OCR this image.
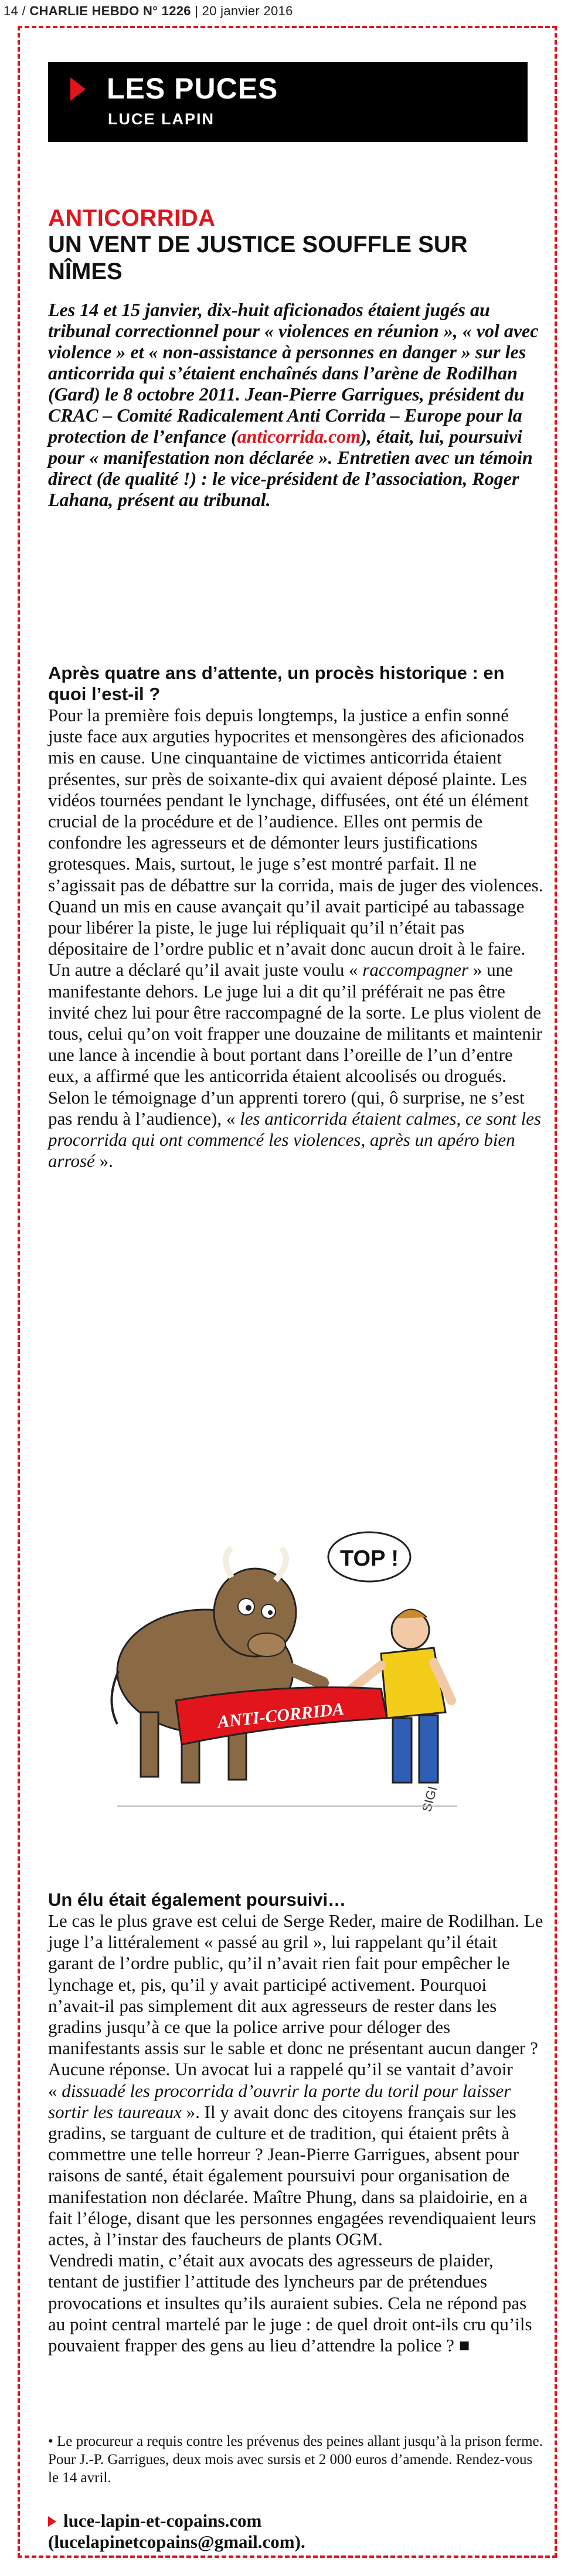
14 / CHARLIE HEBDO N° 1226 | 20 janvier 2016
LES PUCES
LUCE LAPIN
ANTICORRIDA
UN VENT DE JUSTICE SOUFFLE SUR NÎMES
Les 14 et 15 janvier, dix-huit aficionados étaient jugés au tribunal correctionnel pour « violences en réunion », « vol avec violence » et « non-assistance à personnes en danger » sur les anticorrida qui s’étaient enchaînés dans l’arène de Rodilhan (Gard) le 8 octobre 2011. Jean-Pierre Garrigues, président du CRAC – Comité Radicalement Anti Corrida – Europe pour la protection de l’enfance (anticorrida.com), était, lui, poursuivi pour « manifestation non déclarée ». Entretien avec un témoin direct (de qualité !) : le vice-président de l’association, Roger Lahana, présent au tribunal.

Après quatre ans d’attente, un procès historique : en quoi l’est-il ?

Pour la première fois depuis longtemps, la justice a enfin sonné juste face aux arguties hypocrites et mensongères des aficionados mis en cause. Une cinquantaine de victimes anticorrida étaient présentes, sur près de soixante-dix qui avaient déposé plainte. Les vidéos tournées pendant le lynchage, diffusées, ont été un élément crucial de la procédure et de l’audience. Elles ont permis de confondre les agresseurs et de démonter leurs justifications grotesques. Mais, surtout, le juge s’est montré parfait. Il ne s’agissait pas de débattre sur la corrida, mais de juger des violences. Quand un mis en cause avançait qu’il avait participé au tabassage pour libérer la piste, le juge lui répliquait qu’il n’était pas dépositaire de l’ordre public et n’avait donc aucun droit à le faire. Un autre a déclaré qu’il avait juste voulu « raccompagner » une manifestante dehors. Le juge lui a dit qu’il préférait ne pas être invité chez lui pour être raccompagné de la sorte. Le plus violent de tous, celui qu’on voit frapper une douzaine de militants et maintenir une lance à incendie à bout portant dans l’oreille de l’un d’entre eux, a affirmé que les anticorrida étaient alcoolisés ou drogués. Selon le témoignage d’un apprenti torero (qui, ô surprise, ne s’est pas rendu à l’audience), « les anticorrida étaient calmes, ce sont les procorrida qui ont commencé les violences, après un apéro bien arrosé ».

TOP !
ANTI-CORRIDA
SIGI

Un élu était également poursuivi…

Le cas le plus grave est celui de Serge Reder, maire de Rodilhan. Le juge l’a littéralement « passé au gril », lui rappelant qu’il était garant de l’ordre public, qu’il n’avait rien fait pour empêcher le lynchage et, pis, qu’il y avait participé activement. Pourquoi n’avait-il pas simplement dit aux agresseurs de rester dans les gradins jusqu’à ce que la police arrive pour déloger des manifestants assis sur le sable et donc ne présentant aucun danger ? Aucune réponse. Un avocat lui a rappelé qu’il se vantait d’avoir « dissuadé les procorrida d’ouvrir la porte du toril pour laisser sortir les taureaux ». Il y avait donc des citoyens français sur les gradins, se targuant de culture et de tradition, qui étaient prêts à commettre une telle horreur ? Jean-Pierre Garrigues, absent pour raisons de santé, était également poursuivi pour organisation de manifestation non déclarée. Maître Phung, dans sa plaidoirie, en a fait l’éloge, disant que les personnes engagées revendiquaient leurs actes, à l’instar des faucheurs de plants OGM.

Vendredi matin, c’était aux avocats des agresseurs de plaider, tentant de justifier l’attitude des lyncheurs par de prétendues provocations et insultes qu’ils auraient subies. Cela ne répond pas au point central martelé par le juge : de quel droit ont-ils cru qu’ils pouvaient frapper des gens au lieu d’attendre la police ? ■

• Le procureur a requis contre les prévenus des peines allant jusqu’à la prison ferme. Pour J.-P. Garrigues, deux mois avec sursis et 2 000 euros d’amende. Rendez-vous le 14 avril.
luce-lapin-et-copains.com
(lucelapinetcopains@gmail.com).
